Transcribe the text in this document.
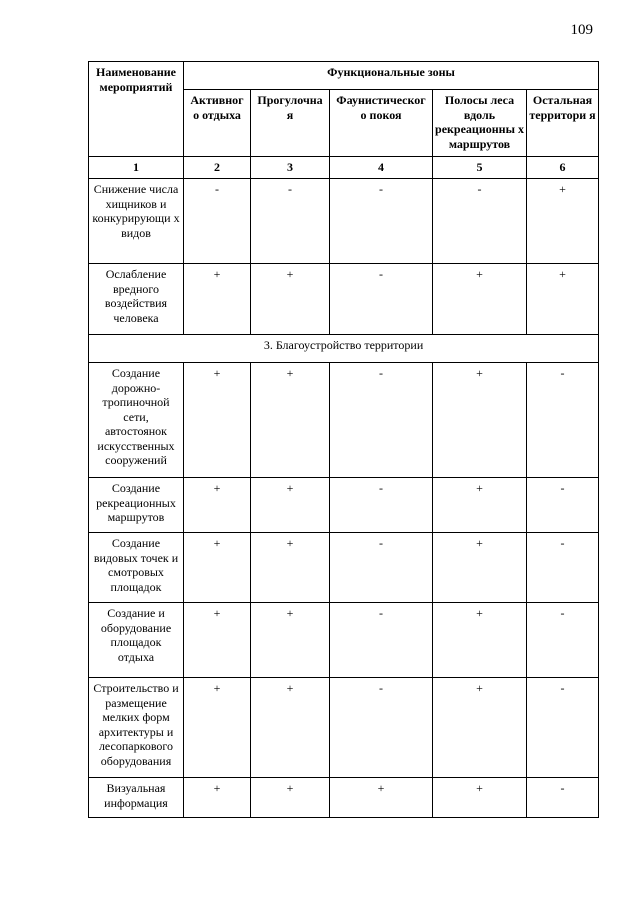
109
Наименование мероприятий	Функциональные зоны				
	Активног о отдыха	Прогулочна я	Фаунистическог о покоя	Полосы леса вдоль рекреационны х маршрутов	Остальная территори я
1	2	3	4	5	6
Снижение числа хищников и конкурирующи х видов	-	-	-	-	+
Ослабление вредного воздействия человека	+	+	-	+	+
3. Благоустройство территории					
Создание дорожно-тропиночной сети, автостоянок искусственных сооружений	+	+	-	+	-
Создание рекреационных маршрутов	+	+	-	+	-
Создание видовых точек и смотровых площадок	+	+	-	+	-
Создание и оборудование площадок отдыха	+	+	-	+	-
Строительство и размещение мелких форм архитектуры и лесопаркового оборудования	+	+	-	+	-
Визуальная информация	+	+	+	+	-
